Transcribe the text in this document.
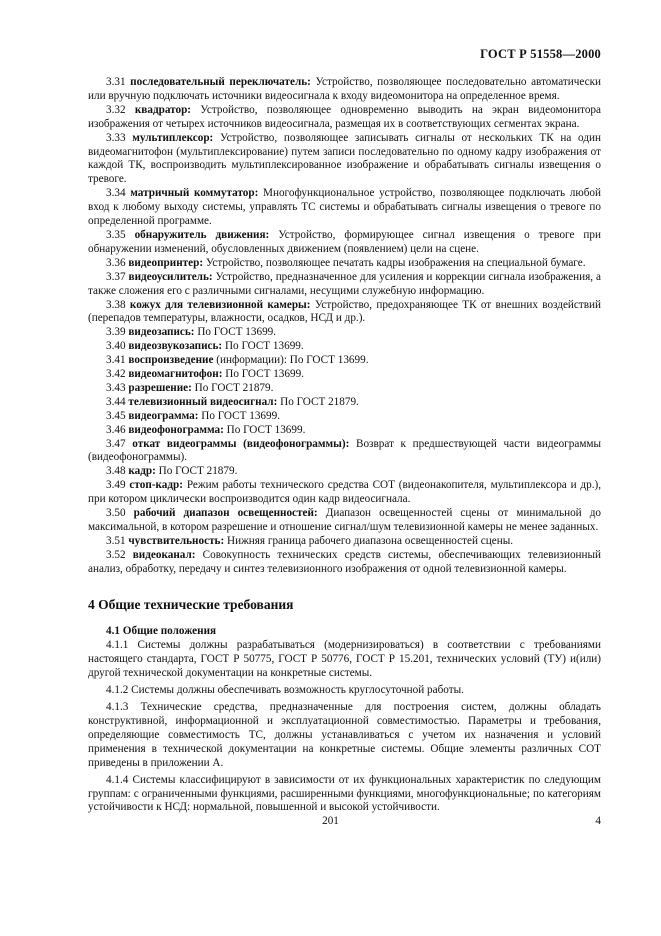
ГОСТ Р 51558—2000

3.31 последовательный переключатель: Устройство, позволяющее последовательно автоматически или вручную подключать источники видеосигнала к входу видеомонитора на определенное время.

3.32 квадратор: Устройство, позволяющее одновременно выводить на экран видеомонитора изображения от четырех источников видеосигнала, размещая их в соответствующих сегментах экрана.

3.33 мультиплексор: Устройство, позволяющее записывать сигналы от нескольких ТК на один видеомагнитофон (мультиплексирование) путем записи последовательно по одному кадру изображения от каждой ТК, воспроизводить мультиплексированное изображение и обрабатывать сигналы извещения о тревоге.

3.34 матричный коммутатор: Многофункциональное устройство, позволяющее подключать любой вход к любому выходу системы, управлять ТС системы и обрабатывать сигналы извещения о тревоге по определенной программе.

3.35 обнаружитель движения: Устройство, формирующее сигнал извещения о тревоге при обнаружении изменений, обусловленных движением (появлением) цели на сцене.

3.36 видеопринтер: Устройство, позволяющее печатать кадры изображения на специальной бумаге.

3.37 видеоусилитель: Устройство, предназначенное для усиления и коррекции сигнала изображения, а также сложения его с различными сигналами, несущими служебную информацию.

3.38 кожух для телевизионной камеры: Устройство, предохраняющее ТК от внешних воздействий (перепадов температуры, влажности, осадков, НСД и др.).

3.39 видеозапись: По ГОСТ 13699.

3.40 видеозвукозапись: По ГОСТ 13699.

3.41 воспроизведение (информации): По ГОСТ 13699.

3.42 видеомагнитофон: По ГОСТ 13699.

3.43 разрешение: По ГОСТ 21879.

3.44 телевизионный видеосигнал: По ГОСТ 21879.

3.45 видеограмма: По ГОСТ 13699.

3.46 видеофонограмма: По ГОСТ 13699.

3.47 откат видеограммы (видеофонограммы): Возврат к предшествующей части видеограммы (видеофонограммы).

3.48 кадр: По ГОСТ 21879.

3.49 стоп-кадр: Режим работы технического средства СОТ (видеонакопителя, мультиплексора и др.), при котором циклически воспроизводится один кадр видеосигнала.

3.50 рабочий диапазон освещенностей: Диапазон освещенностей сцены от минимальной до максимальной, в котором разрешение и отношение сигнал/шум телевизионной камеры не менее заданных.

3.51 чувствительность: Нижняя граница рабочего диапазона освещенностей сцены.

3.52 видеоканал: Совокупность технических средств системы, обеспечивающих телевизионный анализ, обработку, передачу и синтез телевизионного изображения от одной телевизионной камеры.

4 Общие технические требования
4.1 Общие положения

4.1.1 Системы должны разрабатываться (модернизироваться) в соответствии с требованиями настоящего стандарта, ГОСТ Р 50775, ГОСТ Р 50776, ГОСТ Р 15.201, технических условий (ТУ) и(или) другой технической документации на конкретные системы.

4.1.2 Системы должны обеспечивать возможность круглосуточной работы.

4.1.3 Технические средства, предназначенные для построения систем, должны обладать конструктивной, информационной и эксплуатационной совместимостью. Параметры и требования, определяющие совместимость ТС, должны устанавливаться с учетом их назначения и условий применения в технической документации на конкретные системы. Общие элементы различных СОТ приведены в приложении А.

4.1.4 Системы классифицируют в зависимости от их функциональных характеристик по следующим группам: с ограниченными функциями, расширенными функциями, многофункциональные; по категориям устойчивости к НСД: нормальной, повышенной и высокой устойчивости.

201	4
